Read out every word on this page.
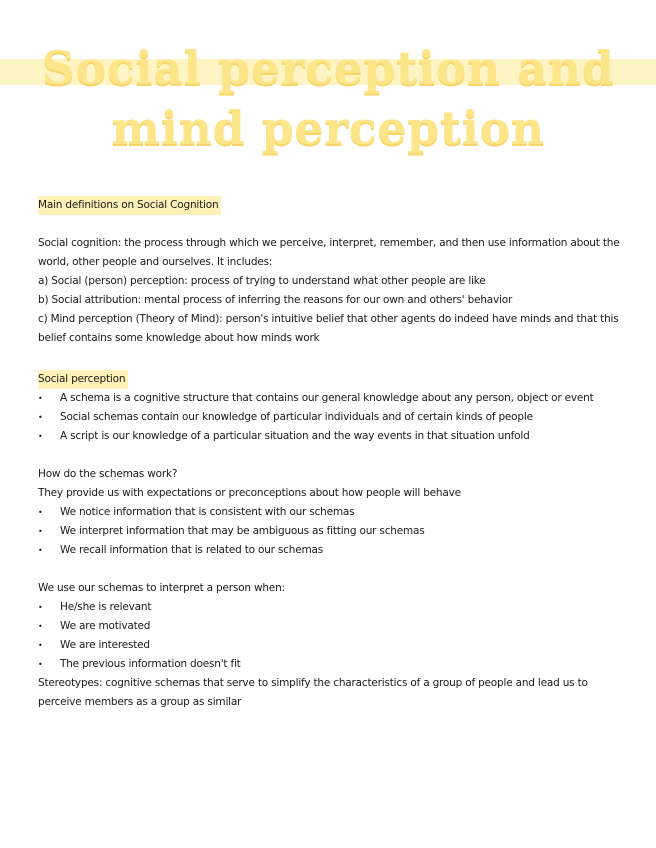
Social perception and
mind perception

Main definitions on Social Cognition

Social cognition: the process through which we perceive, interpret, remember, and then use information about the world, other people and ourselves. It includes:

a) Social (person) perception: process of trying to understand what other people are like

b) Social attribution: mental process of inferring the reasons for our own and others' behavior

c) Mind perception (Theory of Mind): person's intuitive belief that other agents do indeed have minds and that this belief contains some knowledge about how minds work

Social perception

• A schema is a cognitive structure that contains our general knowledge about any person, object or event
• Social schemas contain our knowledge of particular individuals and of certain kinds of people
• A script is our knowledge of a particular situation and the way events in that situation unfold

How do the schemas work?

They provide us with expectations or preconceptions about how people will behave

• We notice information that is consistent with our schemas
• We interpret information that may be ambiguous as fitting our schemas
• We recall information that is related to our schemas

We use our schemas to interpret a person when:

• He/she is relevant
• We are motivated
• We are interested
• The previous information doesn't fit

Stereotypes: cognitive schemas that serve to simplify the characteristics of a group of people and lead us to perceive members as a group as similar
